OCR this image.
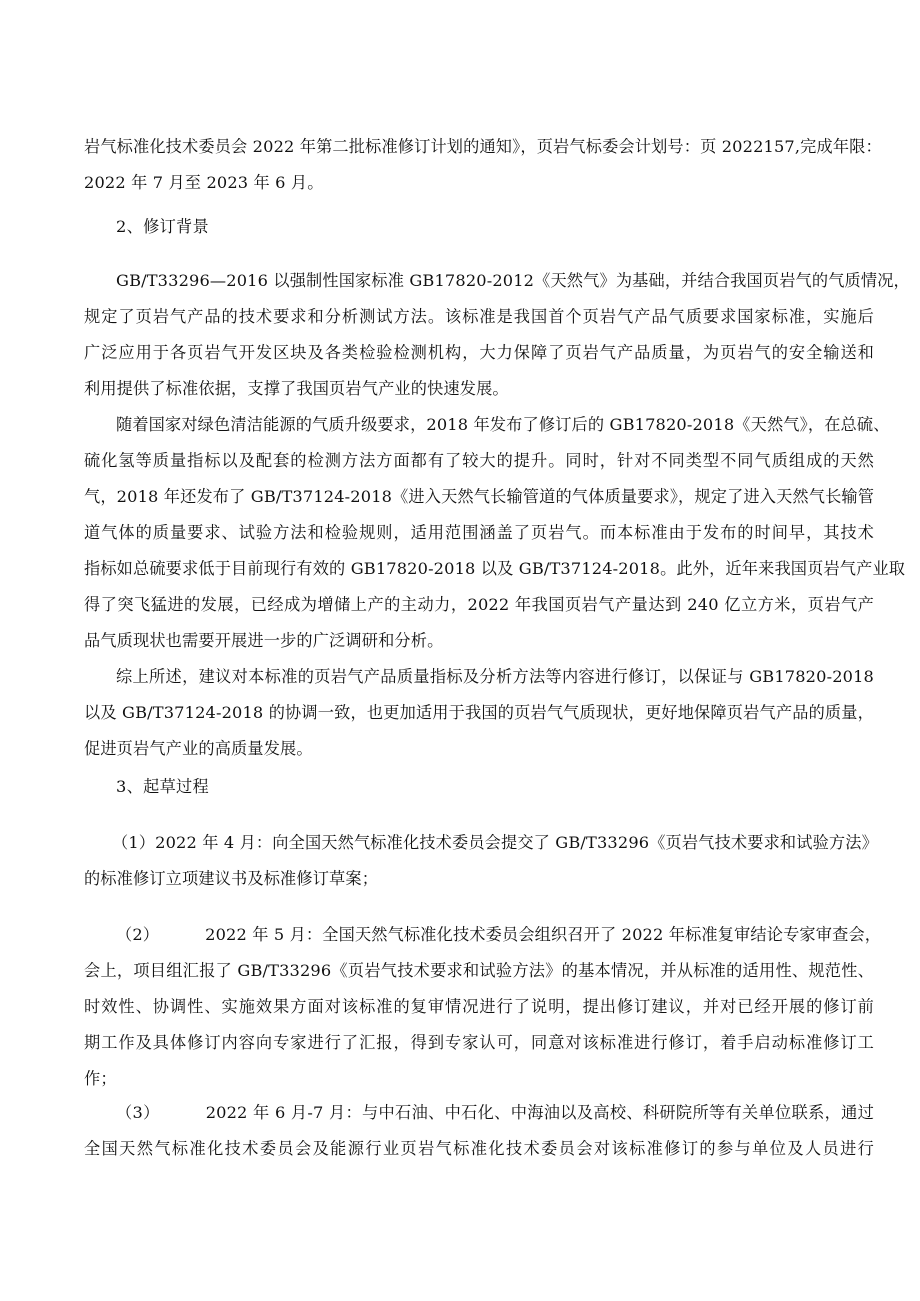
岩气标准化技术委员会 2022 年第二批标准修订计划的通知》，页岩气标委会计划号：页 2022157,完成年限：
2022 年 7 月至 2023 年 6 月。
2、修订背景
GB/T33296—2016 以强制性国家标准 GB17820-2012《天然气》为基础，并结合我国页岩气的气质情况，
规定了页岩气产品的技术要求和分析测试方法。该标准是我国首个页岩气产品气质要求国家标准，实施后
广泛应用于各页岩气开发区块及各类检验检测机构，大力保障了页岩气产品质量，为页岩气的安全输送和
利用提供了标准依据，支撑了我国页岩气产业的快速发展。
随着国家对绿色清洁能源的气质升级要求，2018 年发布了修订后的 GB17820-2018《天然气》，在总硫、
硫化氢等质量指标以及配套的检测方法方面都有了较大的提升。同时，针对不同类型不同气质组成的天然
气，2018 年还发布了 GB/T37124-2018《进入天然气长输管道的气体质量要求》，规定了进入天然气长输管
道气体的质量要求、试验方法和检验规则，适用范围涵盖了页岩气。而本标准由于发布的时间早，其技术
指标如总硫要求低于目前现行有效的 GB17820-2018 以及 GB/T37124-2018。此外，近年来我国页岩气产业取
得了突飞猛进的发展，已经成为增储上产的主动力，2022 年我国页岩气产量达到 240 亿立方米，页岩气产
品气质现状也需要开展进一步的广泛调研和分析。
综上所述，建议对本标准的页岩气产品质量指标及分析方法等内容进行修订，以保证与 GB17820-2018
以及 GB/T37124-2018 的协调一致，也更加适用于我国的页岩气气质现状，更好地保障页岩气产品的质量，
促进页岩气产业的高质量发展。
3、起草过程
（1）2022 年 4 月：向全国天然气标准化技术委员会提交了 GB/T33296《页岩气技术要求和试验方法》
的标准修订立项建议书及标准修订草案；
（2）	2022 年 5 月：全国天然气标准化技术委员会组织召开了 2022 年标准复审结论专家审查会，
会上，项目组汇报了 GB/T33296《页岩气技术要求和试验方法》的基本情况，并从标准的适用性、规范性、
时效性、协调性、实施效果方面对该标准的复审情况进行了说明，提出修订建议，并对已经开展的修订前
期工作及具体修订内容向专家进行了汇报，得到专家认可，同意对该标准进行修订，着手启动标准修订工
作；
（3）	2022 年 6 月-7 月：与中石油、中石化、中海油以及高校、科研院所等有关单位联系，通过
全国天然气标准化技术委员会及能源行业页岩气标准化技术委员会对该标准修订的参与单位及人员进行
